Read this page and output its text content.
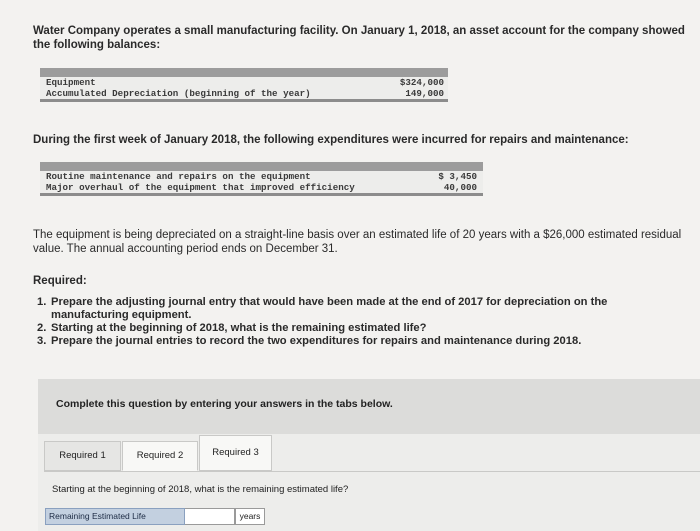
Water Company operates a small manufacturing facility. On January 1, 2018, an asset account for the company showed the following balances:
Equipment	$324,000
Accumulated Depreciation (beginning of the year)	149,000
During the first week of January 2018, the following expenditures were incurred for repairs and maintenance:
Routine maintenance and repairs on the equipment	$ 3,450
Major overhaul of the equipment that improved efficiency	40,000
The equipment is being depreciated on a straight-line basis over an estimated life of 20 years with a $26,000 estimated residual value. The annual accounting period ends on December 31.
Required:
1. Prepare the adjusting journal entry that would have been made at the end of 2017 for depreciation on the manufacturing equipment.
2. Starting at the beginning of 2018, what is the remaining estimated life?
3. Prepare the journal entries to record the two expenditures for repairs and maintenance during 2018.
Complete this question by entering your answers in the tabs below.
Required 1	Required 2	Required 3
Starting at the beginning of 2018, what is the remaining estimated life?
Remaining Estimated Life	years
